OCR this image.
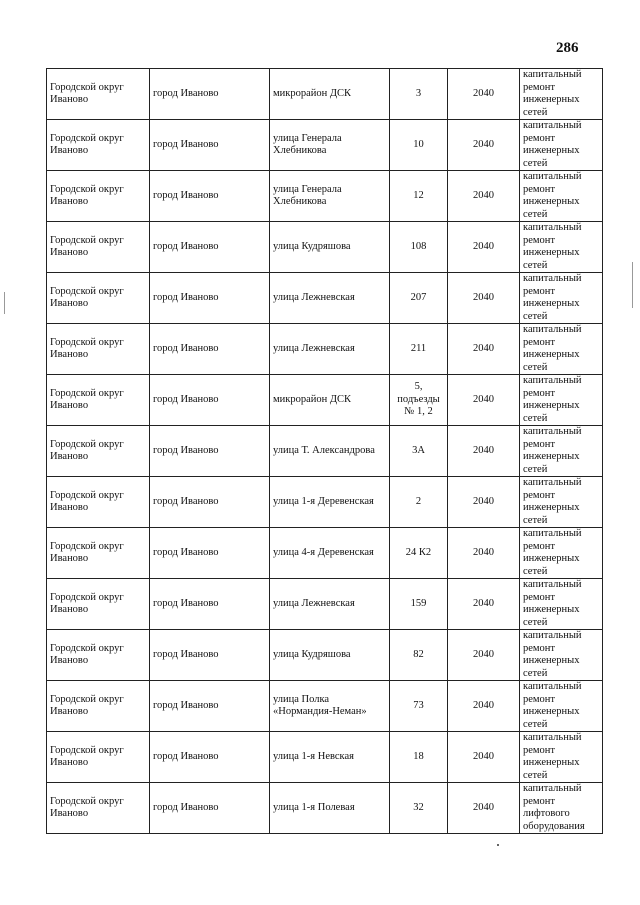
286
Городской округ Иваново	город Иваново	микрорайон ДСК	3	2040	капитальный ремонт инженерных сетей
Городской округ Иваново	город Иваново	улица Генерала Хлебникова	10	2040	капитальный ремонт инженерных сетей
Городской округ Иваново	город Иваново	улица Генерала Хлебникова	12	2040	капитальный ремонт инженерных сетей
Городской округ Иваново	город Иваново	улица Кудряшова	108	2040	капитальный ремонт инженерных сетей
Городской округ Иваново	город Иваново	улица Лежневская	207	2040	капитальный ремонт инженерных сетей
Городской округ Иваново	город Иваново	улица Лежневская	211	2040	капитальный ремонт инженерных сетей
Городской округ Иваново	город Иваново	микрорайон ДСК	5, подъезды № 1, 2	2040	капитальный ремонт инженерных сетей
Городской округ Иваново	город Иваново	улица Т. Александрова	3А	2040	капитальный ремонт инженерных сетей
Городской округ Иваново	город Иваново	улица 1-я Деревенская	2	2040	капитальный ремонт инженерных сетей
Городской округ Иваново	город Иваново	улица 4-я Деревенская	24 К2	2040	капитальный ремонт инженерных сетей
Городской округ Иваново	город Иваново	улица Лежневская	159	2040	капитальный ремонт инженерных сетей
Городской округ Иваново	город Иваново	улица Кудряшова	82	2040	капитальный ремонт инженерных сетей
Городской округ Иваново	город Иваново	улица Полка «Нормандия-Неман»	73	2040	капитальный ремонт инженерных сетей
Городской округ Иваново	город Иваново	улица 1-я Невская	18	2040	капитальный ремонт инженерных сетей
Городской округ Иваново	город Иваново	улица 1-я Полевая	32	2040	капитальный ремонт лифтового оборудования
